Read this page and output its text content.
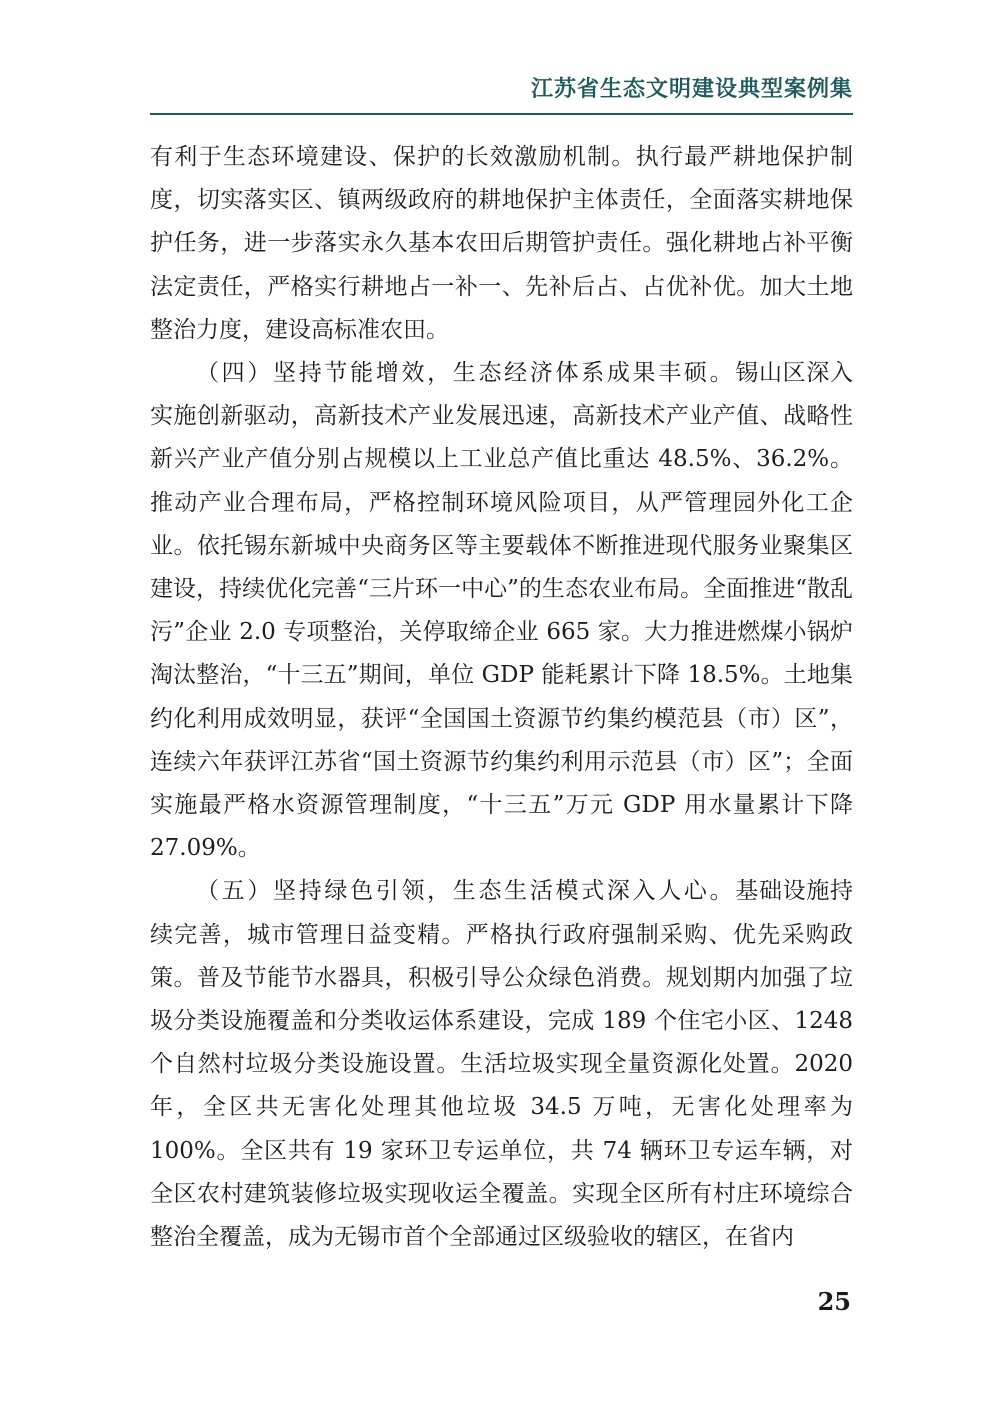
江苏省生态文明建设典型案例集

有利于生态环境建设、保护的长效激励机制。执行最严耕地保护制度，切实落实区、镇两级政府的耕地保护主体责任，全面落实耕地保护任务，进一步落实永久基本农田后期管护责任。强化耕地占补平衡法定责任，严格实行耕地占一补一、先补后占、占优补优。加大土地整治力度，建设高标准农田。

（四）坚持节能增效，生态经济体系成果丰硕。锡山区深入实施创新驱动，高新技术产业发展迅速，高新技术产业产值、战略性新兴产业产值分别占规模以上工业总产值比重达 48.5%、36.2%。推动产业合理布局，严格控制环境风险项目，从严管理园外化工企业。依托锡东新城中央商务区等主要载体不断推进现代服务业聚集区建设，持续优化完善“三片环一中心”的生态农业布局。全面推进“散乱污”企业 2.0 专项整治，关停取缔企业 665 家。大力推进燃煤小锅炉淘汰整治，“十三五”期间，单位 GDP 能耗累计下降 18.5%。土地集约化利用成效明显，获评“全国国土资源节约集约模范县（市）区”，连续六年获评江苏省“国土资源节约集约利用示范县（市）区”；全面实施最严格水资源管理制度，“十三五”万元 GDP 用水量累计下降 27.09%。

（五）坚持绿色引领，生态生活模式深入人心。基础设施持续完善，城市管理日益变精。严格执行政府强制采购、优先采购政策。普及节能节水器具，积极引导公众绿色消费。规划期内加强了垃圾分类设施覆盖和分类收运体系建设，完成 189 个住宅小区、1248 个自然村垃圾分类设施设置。生活垃圾实现全量资源化处置。2020 年，全区共无害化处理其他垃圾 34.5 万吨，无害化处理率为 100%。全区共有 19 家环卫专运单位，共 74 辆环卫专运车辆，对全区农村建筑装修垃圾实现收运全覆盖。实现全区所有村庄环境综合整治全覆盖，成为无锡市首个全部通过区级验收的辖区，在省内

25
